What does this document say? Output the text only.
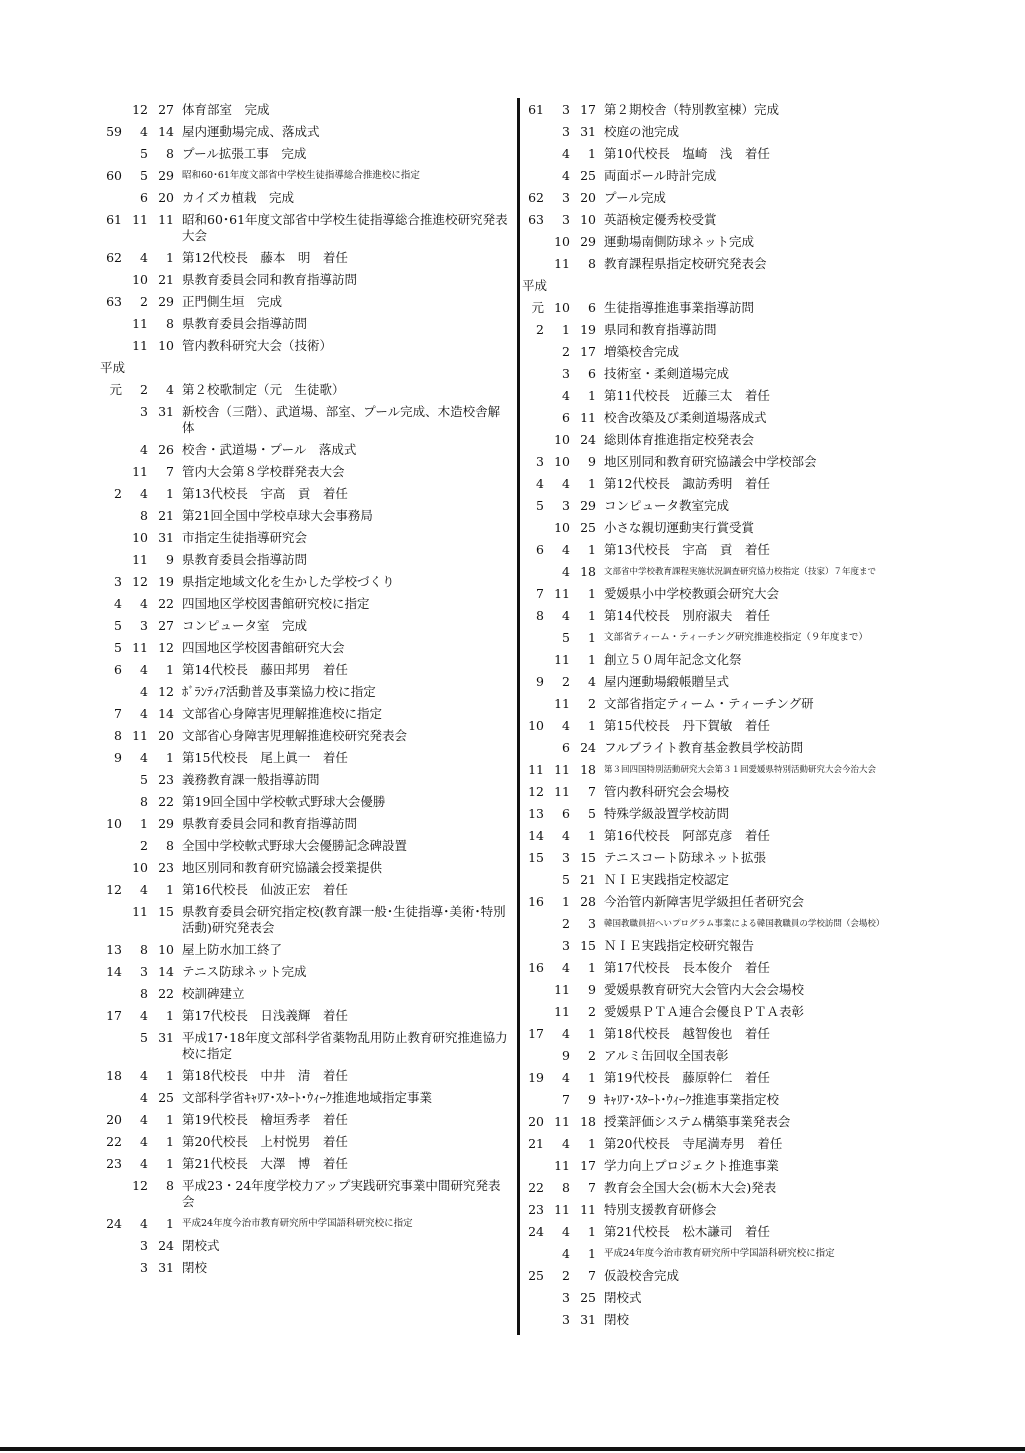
12 27 体育部室　完成
59	4 14 屋内運動場完成、落成式
5	8 プール拡張工事　完成
60	5 29 昭和60･61年度文部省中学校生徒指導総合推進校に指定
6 20 カイズカ植栽　完成
61 11 11 昭和60･61年度文部省中学校生徒指導総合推進校研究発表大会
62	4	1 第12代校長　藤本　明　着任
10 21 県教育委員会同和教育指導訪問
63	2 29 正門側生垣　完成
11	8 県教育委員会指導訪問
11 10 管内教科研究大会（技術）
平成
元	2	4 第２校歌制定（元　生徒歌）
3 31 新校舎（三階）、武道場、部室、プール完成、木造校舎解体
4 26 校舎・武道場・プール　落成式
11	7 管内大会第８学校群発表大会
2	4	1 第13代校長　宇高　貢　着任
8 21 第21回全国中学校卓球大会事務局
10 31 市指定生徒指導研究会
11	9 県教育委員会指導訪問
3 12 19 県指定地域文化を生かした学校づくり
4	4 22 四国地区学校図書館研究校に指定
5	3 27 コンピュータ室　完成
5 11 12 四国地区学校図書館研究大会
6	4	1 第14代校長　藤田邦男　着任
4 12 ﾎﾞﾗﾝﾃｨｱ活動普及事業協力校に指定
7	4 14 文部省心身障害児理解推進校に指定
8 11 20 文部省心身障害児理解推進校研究発表会
9	4	1 第15代校長　尾上眞一　着任
5 23 義務教育課一般指導訪問
8 22 第19回全国中学校軟式野球大会優勝
10	1 29 県教育委員会同和教育指導訪問
2	8 全国中学校軟式野球大会優勝記念碑設置
10 23 地区別同和教育研究協議会授業提供
12	4	1 第16代校長　仙波正宏　着任
11 15 県教育委員会研究指定校(教育課一般･生徒指導･美術･特別活動)研究発表会
13	8 10 屋上防水加工終了
14	3 14 テニス防球ネット完成
8 22 校訓碑建立
17	4	1 第17代校長　日浅義輝　着任
5 31 平成17･18年度文部科学省薬物乱用防止教育研究推進協力校に指定
18	4	1 第18代校長　中井　清　着任
4 25 文部科学省ｷｬﾘｱ･ｽﾀｰﾄ･ｳｨｰｸ推進地域指定事業
20	4	1 第19代校長　檜垣秀孝　着任
22	4	1 第20代校長　上村悦男　着任
23	4	1 第21代校長　大澤　博　着任
12	8 平成23・24年度学校力アップ実践研究事業中間研究発表会
24	4	1 平成24年度今治市教育研究所中学国語科研究校に指定
3 24 閉校式
3 31 閉校
61	3 17 第２期校舎（特別教室棟）完成
3 31 校庭の池完成
4	1 第10代校長　塩崎　浅　着任
4 25 両面ボール時計完成
62	3 20 プール完成
63	3 10 英語検定優秀校受賞
10 29 運動場南側防球ネット完成
11	8 教育課程県指定校研究発表会
平成
元 10	6 生徒指導推進事業指導訪問
2	1 19 県同和教育指導訪問
2 17 増築校舎完成
3	6 技術室・柔剣道場完成
4	1 第11代校長　近藤三太　着任
6 11 校舎改築及び柔剣道場落成式
10 24 総則体育推進指定校発表会
3 10	9 地区別同和教育研究協議会中学校部会
4	4	1 第12代校長　諏訪秀明　着任
5	3 29 コンピュータ教室完成
10 25 小さな親切運動実行賞受賞
6	4	1 第13代校長　宇高　貢　着任
4 18 文部省中学校教育課程実施状況調査研究協力校指定（技家）７年度まで
7 11	1 愛媛県小中学校教頭会研究大会
8	4	1 第14代校長　別府淑夫　着任
5	1 文部省ティーム・ティーチング研究推進校指定（９年度まで）
11	1 創立５０周年記念文化祭
9	2	4 屋内運動場緞帳贈呈式
11	2 文部省指定ティーム・ティーチング研
10	4	1 第15代校長　丹下賀敏　着任
6 24 フルブライト教育基金教員学校訪問
11 11 18 第３回四国特別活動研究大会第３１回愛媛県特別活動研究大会今治大会
12 11	7 管内教科研究会会場校
13	6	5 特殊学級設置学校訪問
14	4	1 第16代校長　阿部克彦　着任
15	3 15 テニスコート防球ネット拡張
5 21 ＮＩＥ実践指定校認定
16	1 28 今治管内新障害児学級担任者研究会
2	3 韓国教職員招へいプログラム事業による韓国教職員の学校訪問（会場校）
3 15 ＮＩＥ実践指定校研究報告
16	4	1 第17代校長　長本俊介　着任
11	9 愛媛県教育研究大会管内大会会場校
11	2 愛媛県ＰＴＡ連合会優良ＰＴＡ表彰
17	4	1 第18代校長　越智俊也　着任
9	2 アルミ缶回収全国表彰
19	4	1 第19代校長　藤原幹仁　着任
7	9 ｷｬﾘｱ･ｽﾀｰﾄ･ｳｨｰｸ推進事業指定校
20 11 18 授業評価システム構築事業発表会
21	4	1 第20代校長　寺尾満寿男　着任
11 17 学力向上プロジェクト推進事業
22	8	7 教育会全国大会(栃木大会)発表
23 11 11 特別支援教育研修会
24	4	1 第21代校長　松木謙司　着任
4	1 平成24年度今治市教育研究所中学国語科研究校に指定
25	2	7 仮設校舎完成
3 25 閉校式
3 31 閉校
